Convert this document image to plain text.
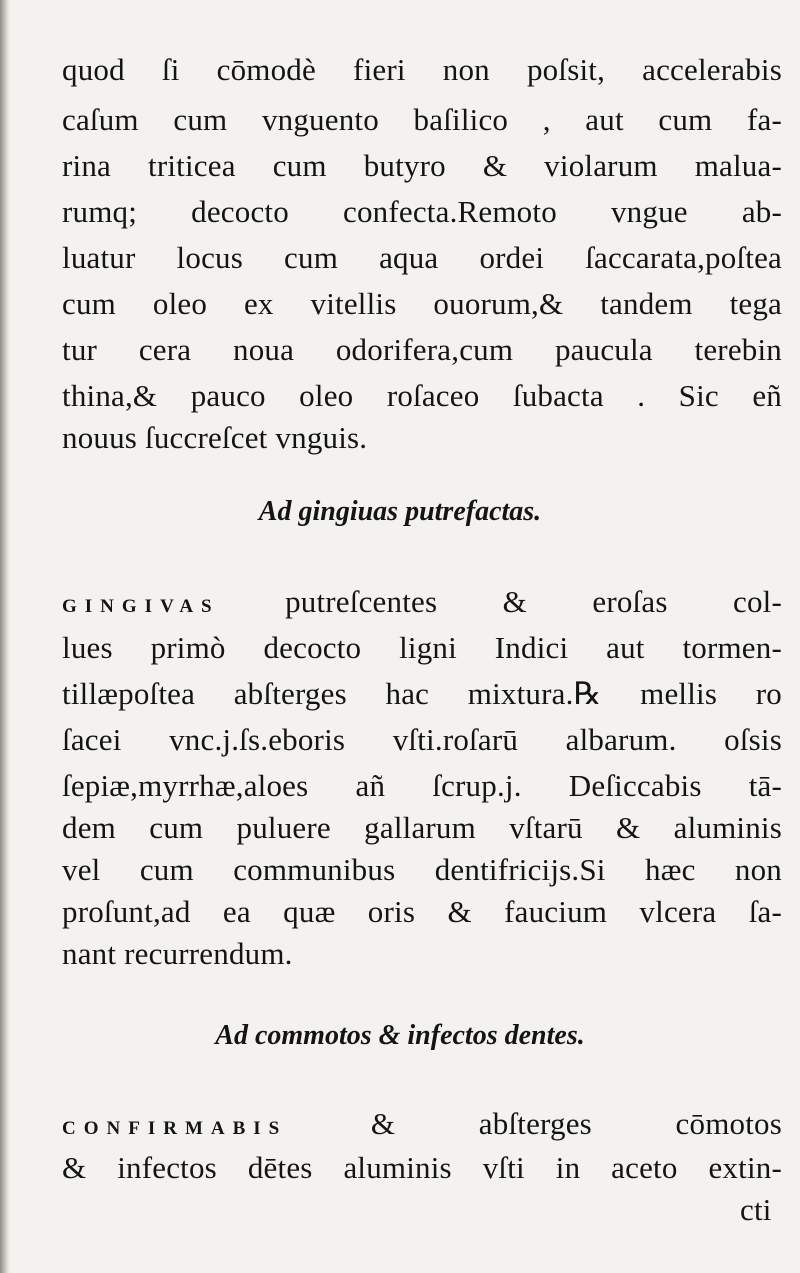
quod ſi cōmodè fieri non poſsit, accelerabis
caſum cum vnguento baſilico , aut cum fa-
rina triticea cum butyro & violarum malua-
rumq; decocto confecta.Remoto vngue ab-
luatur locus cum aqua ordei ſaccarata,poſtea
cum oleo ex vitellis ouorum,& tandem tega
tur cera noua odorifera,cum paucula terebin
thina,& pauco oleo roſaceo ſubacta . Sic eñ
nouus ſuccreſcet vnguis.
Ad gingiuas putrefactas.
GINGIVAS putreſcentes & eroſas col-
lues primò decocto ligni Indici aut tormen-
tillæpoſtea abſterges hac mixtura.℞ mellis ro
ſacei vnc.j.ſs.eboris vſti.roſarū albarum. oſsis
ſepiæ,myrrhæ,aloes añ ſcrup.j. Deſiccabis tā-
dem cum puluere gallarum vſtarū & aluminis
vel cum communibus dentifricijs.Si hæc non
proſunt,ad ea quæ oris & faucium vlcera ſa-
nant recurrendum.
Ad commotos & infectos dentes.
CONFIRMABIS	& abſterges cōmotos
& infectos dētes aluminis vſti in aceto extin-
cti
